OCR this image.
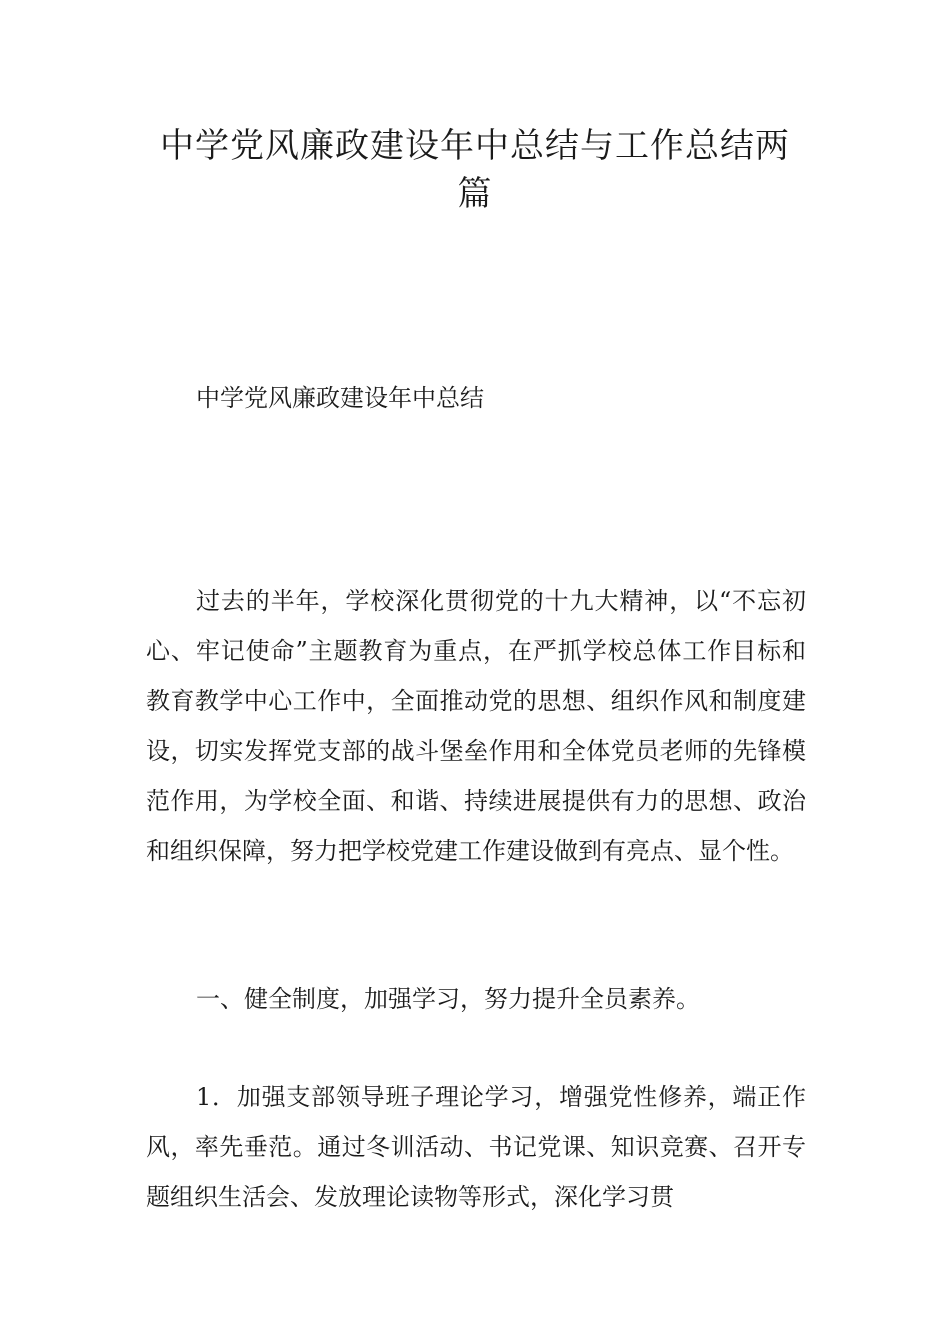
中学党风廉政建设年中总结与工作总结两篇

中学党风廉政建设年中总结

过去的半年，学校深化贯彻党的十九大精神，以“不忘初心、牢记使命”主题教育为重点，在严抓学校总体工作目标和教育教学中心工作中，全面推动党的思想、组织作风和制度建设，切实发挥党支部的战斗堡垒作用和全体党员老师的先锋模范作用，为学校全面、和谐、持续进展提供有力的思想、政治和组织保障，努力把学校党建工作建设做到有亮点、显个性。

一、健全制度，加强学习，努力提升全员素养。

1．加强支部领导班子理论学习，增强党性修养，端正作风，率先垂范。通过冬训活动、书记党课、知识竞赛、召开专题组织生活会、发放理论读物等形式，深化学习贯
